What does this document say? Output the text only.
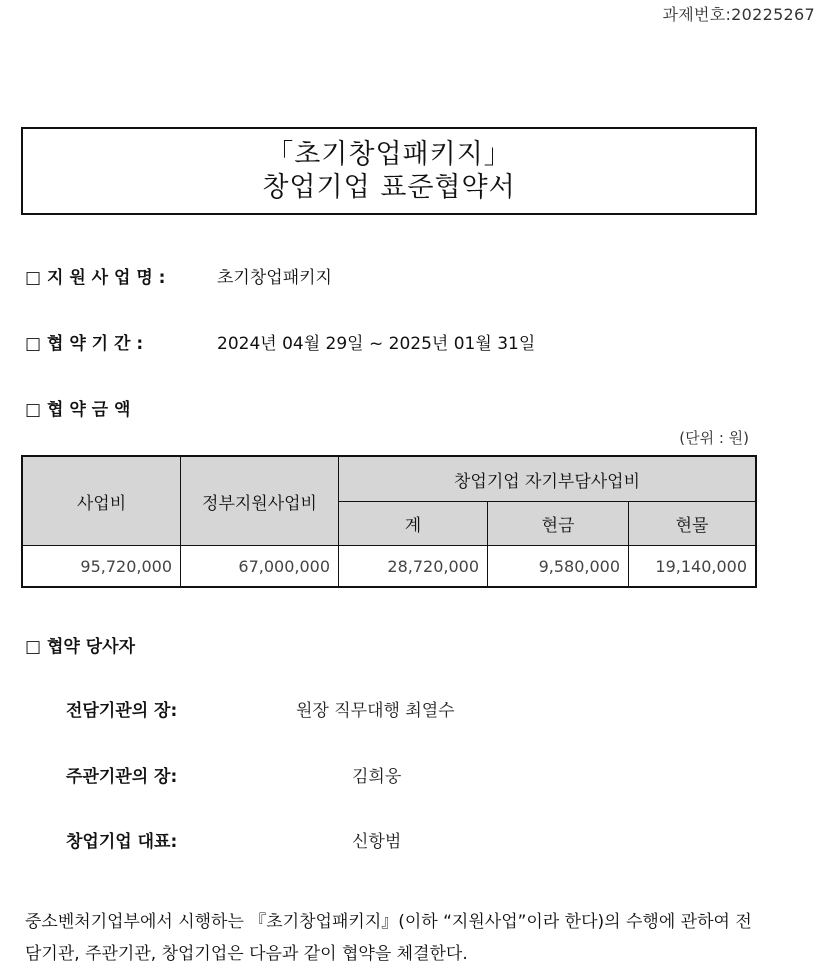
과제번호:20225267
「초기창업패키지」
창업기업 표준협약서
□ 지 원 사 업 명 :	초기창업패키지
□ 협 약 기 간 :	2024년 04월 29일 ~ 2025년 01월 31일
□ 협 약 금 액
(단위 : 원)
사업비	정부지원사업비	창업기업 자기부담사업비		
		계	현금	현물
95,720,000	67,000,000	28,720,000	9,580,000	19,140,000
□ 협약 당사자
전담기관의 장:	원장 직무대행 최열수
주관기관의 장:	김희웅
창업기업 대표:	신항범
중소벤처기업부에서 시행하는 『초기창업패키지』(이하 “지원사업”이라 한다)의 수행에 관하여 전담기관, 주관기관, 창업기업은 다음과 같이 협약을 체결한다.
